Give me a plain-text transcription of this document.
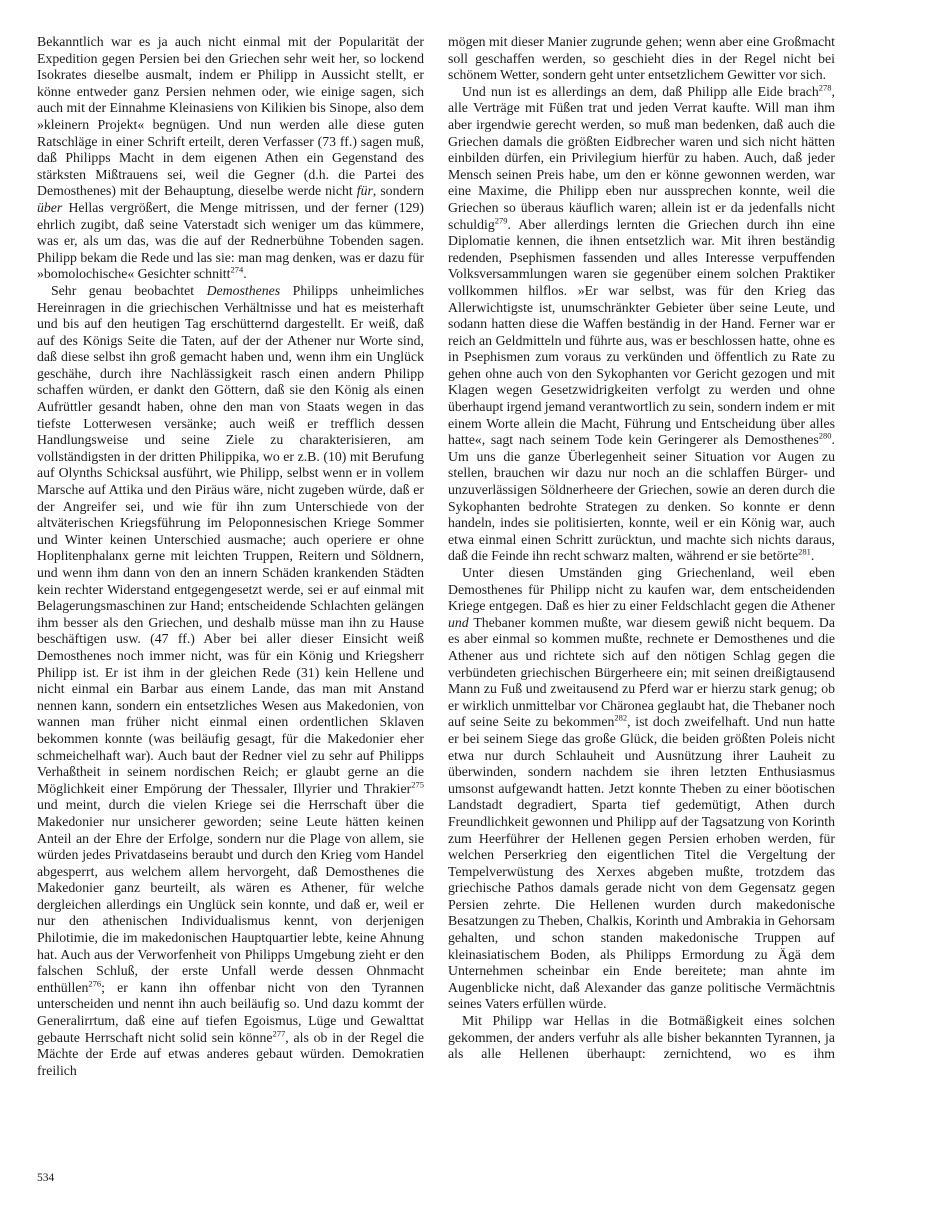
Bekanntlich war es ja auch nicht einmal mit der Popularität der Expedition gegen Persien bei den Griechen sehr weit her, so lockend Isokrates dieselbe ausmalt, indem er Philipp in Aussicht stellt, er könne entweder ganz Persien nehmen oder, wie einige sagen, sich auch mit der Einnahme Kleinasiens von Kilikien bis Sinope, also dem »kleinern Projekt« begnügen. Und nun werden alle diese guten Ratschläge in einer Schrift erteilt, deren Verfasser (73 ff.) sagen muß, daß Philipps Macht in dem eigenen Athen ein Gegenstand des stärksten Mißtrauens sei, weil die Gegner (d.h. die Partei des Demosthenes) mit der Behauptung, dieselbe werde nicht für, sondern über Hellas vergrößert, die Menge mitrissen, und der ferner (129) ehrlich zugibt, daß seine Vaterstadt sich weniger um das kümmere, was er, als um das, was die auf der Rednerbühne Tobenden sagen. Philipp bekam die Rede und las sie: man mag denken, was er dazu für »bomolochische« Gesichter schnitt$^{274}$.

Sehr genau beobachtet Demosthenes Philipps unheimliches Hereinragen in die griechischen Verhältnisse und hat es meisterhaft und bis auf den heutigen Tag erschütternd dargestellt. Er weiß, daß auf des Königs Seite die Taten, auf der der Athener nur Worte sind, daß diese selbst ihn groß gemacht haben und, wenn ihm ein Unglück geschähe, durch ihre Nachlässigkeit rasch einen andern Philipp schaffen würden, er dankt den Göttern, daß sie den König als einen Aufrüttler gesandt haben, ohne den man von Staats wegen in das tiefste Lotterwesen versänke; auch weiß er trefflich dessen Handlungsweise und seine Ziele zu charakterisieren, am vollständigsten in der dritten Philippika, wo er z.B. (10) mit Berufung auf Olynths Schicksal ausführt, wie Philipp, selbst wenn er in vollem Marsche auf Attika und den Piräus wäre, nicht zugeben würde, daß er der Angreifer sei, und wie für ihn zum Unterschiede von der altväterischen Kriegsführung im Peloponnesischen Kriege Sommer und Winter keinen Unterschied ausmache; auch operiere er ohne Hoplitenphalanx gerne mit leichten Truppen, Reitern und Söldnern, und wenn ihm dann von den an innern Schäden krankenden Städten kein rechter Widerstand entgegengesetzt werde, sei er auf einmal mit Belagerungsmaschinen zur Hand; entscheidende Schlachten gelängen ihm besser als den Griechen, und deshalb müsse man ihn zu Hause beschäftigen usw. (47 ff.) Aber bei aller dieser Einsicht weiß Demosthenes noch immer nicht, was für ein König und Kriegsherr Philipp ist. Er ist ihm in der gleichen Rede (31) kein Hellene und nicht einmal ein Barbar aus einem Lande, das man mit Anstand nennen kann, sondern ein entsetzliches Wesen aus Makedonien, von wannen man früher nicht einmal einen ordentlichen Sklaven bekommen konnte (was beiläufig gesagt, für die Makedonier eher schmeichelhaft war). Auch baut der Redner viel zu sehr auf Philipps Verhaßtheit in seinem nordischen Reich; er glaubt gerne an die Möglichkeit einer Empörung der Thessaler, Illyrier und Thrakier$^{275}$ und meint, durch die vielen Kriege sei die Herrschaft über die Makedonier nur unsicherer geworden; seine Leute hätten keinen Anteil an der Ehre der Erfolge, sondern nur die Plage von allem, sie würden jedes Privatdaseins beraubt und durch den Krieg vom Handel abgesperrt, aus welchem allem hervorgeht, daß Demosthenes die Makedonier ganz beurteilt, als wären es Athener, für welche dergleichen allerdings ein Unglück sein konnte, und daß er, weil er nur den athenischen Individualismus kennt, von derjenigen Philotimie, die im makedonischen Hauptquartier lebte, keine Ahnung hat. Auch aus der Verworfenheit von Philipps Umgebung zieht er den falschen Schluß, der erste Unfall werde dessen Ohnmacht enthüllen$^{276}$; er kann ihn offenbar nicht von den Tyrannen unterscheiden und nennt ihn auch beiläufig so. Und dazu kommt der Generalirrtum, daß eine auf tiefen Egoismus, Lüge und Gewalttat gebaute Herrschaft nicht solid sein könne$^{277}$, als ob in der Regel die Mächte der Erde auf etwas anderes gebaut würden. Demokratien freilich

mögen mit dieser Manier zugrunde gehen; wenn aber eine Großmacht soll geschaffen werden, so geschieht dies in der Regel nicht bei schönem Wetter, sondern geht unter entsetzlichem Gewitter vor sich.

Und nun ist es allerdings an dem, daß Philipp alle Eide brach$^{278}$, alle Verträge mit Füßen trat und jeden Verrat kaufte. Will man ihm aber irgendwie gerecht werden, so muß man bedenken, daß auch die Griechen damals die größten Eidbrecher waren und sich nicht hätten einbilden dürfen, ein Privilegium hierfür zu haben. Auch, daß jeder Mensch seinen Preis habe, um den er könne gewonnen werden, war eine Maxime, die Philipp eben nur aussprechen konnte, weil die Griechen so überaus käuflich waren; allein ist er da jedenfalls nicht schuldig$^{279}$. Aber allerdings lernten die Griechen durch ihn eine Diplomatie kennen, die ihnen entsetzlich war. Mit ihren beständig redenden, Psephismen fassenden und alles Interesse verpuffenden Volksversammlungen waren sie gegenüber einem solchen Praktiker vollkommen hilflos. »Er war selbst, was für den Krieg das Allerwichtigste ist, unumschränkter Gebieter über seine Leute, und sodann hatten diese die Waffen beständig in der Hand. Ferner war er reich an Geldmitteln und führte aus, was er beschlossen hatte, ohne es in Psephismen zum voraus zu verkünden und öffentlich zu Rate zu gehen ohne auch von den Sykophanten vor Gericht gezogen und mit Klagen wegen Gesetzwidrigkeiten verfolgt zu werden und ohne überhaupt irgend jemand verantwortlich zu sein, sondern indem er mit einem Worte allein die Macht, Führung und Entscheidung über alles hatte«, sagt nach seinem Tode kein Geringerer als Demosthenes$^{280}$. Um uns die ganze Überlegenheit seiner Situation vor Augen zu stellen, brauchen wir dazu nur noch an die schlaffen Bürger- und unzuverlässigen Söldnerheere der Griechen, sowie an deren durch die Sykophanten bedrohte Strategen zu denken. So konnte er denn handeln, indes sie politisierten, konnte, weil er ein König war, auch etwa einmal einen Schritt zurücktun, und machte sich nichts daraus, daß die Feinde ihn recht schwarz malten, während er sie betörte$^{281}$.

Unter diesen Umständen ging Griechenland, weil eben Demosthenes für Philipp nicht zu kaufen war, dem entscheidenden Kriege entgegen. Daß es hier zu einer Feldschlacht gegen die Athener und Thebaner kommen mußte, war diesem gewiß nicht bequem. Da es aber einmal so kommen mußte, rechnete er Demosthenes und die Athener aus und richtete sich auf den nötigen Schlag gegen die verbündeten griechischen Bürgerheere ein; mit seinen dreißigtausend Mann zu Fuß und zweitausend zu Pferd war er hierzu stark genug; ob er wirklich unmittelbar vor Chäronea geglaubt hat, die Thebaner noch auf seine Seite zu bekommen$^{282}$, ist doch zweifelhaft. Und nun hatte er bei seinem Siege das große Glück, die beiden größten Poleis nicht etwa nur durch Schlauheit und Ausnützung ihrer Lauheit zu überwinden, sondern nachdem sie ihren letzten Enthusiasmus umsonst aufgewandt hatten. Jetzt konnte Theben zu einer böotischen Landstadt degradiert, Sparta tief gedemütigt, Athen durch Freundlichkeit gewonnen und Philipp auf der Tagsatzung von Korinth zum Heerführer der Hellenen gegen Persien erhoben werden, für welchen Perserkrieg den eigentlichen Titel die Vergeltung der Tempelverwüstung des Xerxes abgeben mußte, trotzdem das griechische Pathos damals gerade nicht von dem Gegensatz gegen Persien zehrte. Die Hellenen wurden durch makedonische Besatzungen zu Theben, Chalkis, Korinth und Ambrakia in Gehorsam gehalten, und schon standen makedonische Truppen auf kleinasiatischem Boden, als Philipps Ermordung zu Ägä dem Unternehmen scheinbar ein Ende bereitete; man ahnte im Augenblicke nicht, daß Alexander das ganze politische Vermächtnis seines Vaters erfüllen würde.

Mit Philipp war Hellas in die Botmäßigkeit eines solchen gekommen, der anders verfuhr als alle bisher bekannten Tyrannen, ja als alle Hellenen überhaupt: zernichtend, wo es ihm

534
